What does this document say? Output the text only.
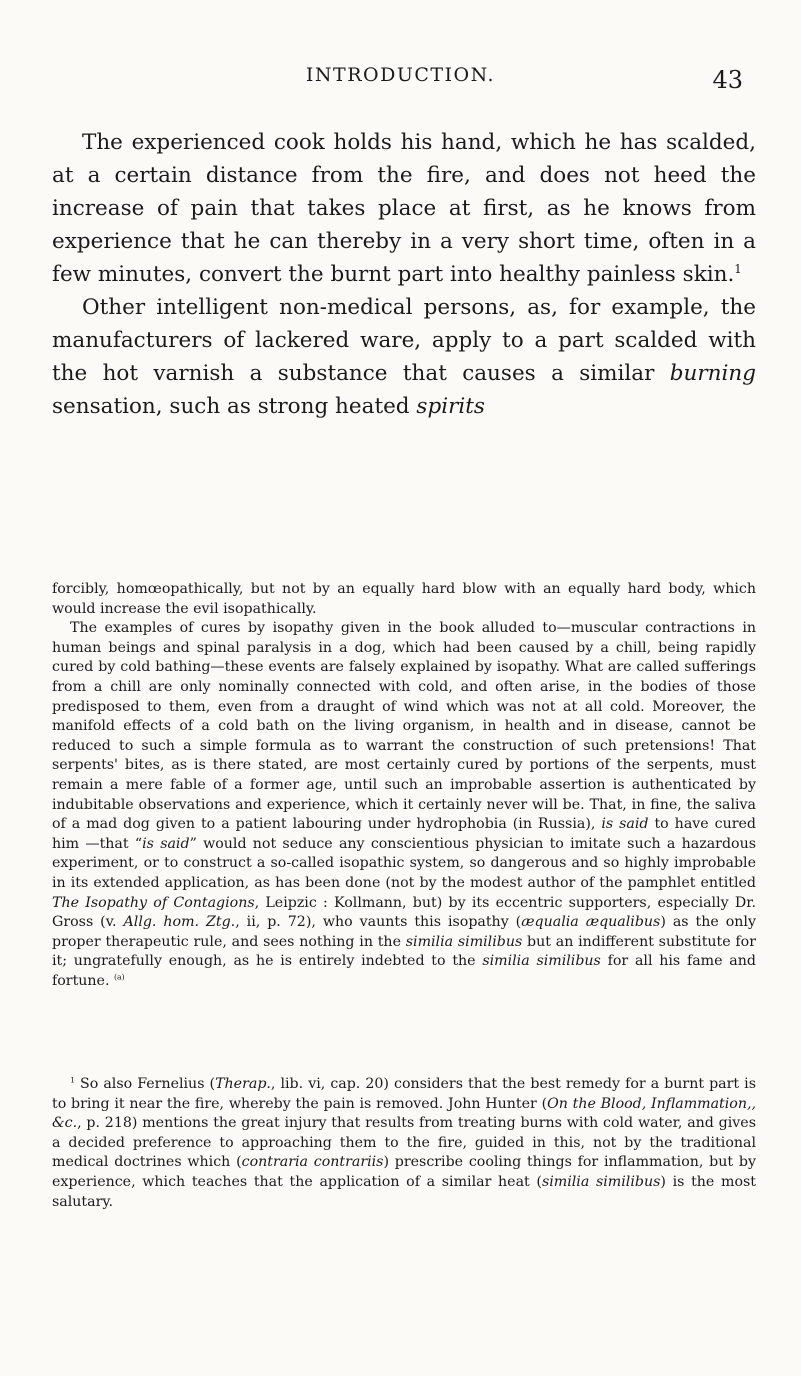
INTRODUCTION.	43

The experienced cook holds his hand, which he has scalded, at a certain distance from the fire, and does not heed the increase of pain that takes place at first, as he knows from experience that he can thereby in a very short time, often in a few minutes, convert the burnt part into healthy painless skin.$^1$

Other intelligent non-medical persons, as, for example, the manufacturers of lackered ware, apply to a part scalded with the hot varnish a substance that causes a similar burning sensation, such as strong heated spirits

forcibly, homœopathically, but not by an equally hard blow with an equally hard body, which would increase the evil isopathically.

The examples of cures by isopathy given in the book alluded to—muscular contractions in human beings and spinal paralysis in a dog, which had been caused by a chill, being rapidly cured by cold bathing—these events are falsely explained by isopathy. What are called sufferings from a chill are only nominally connected with cold, and often arise, in the bodies of those predisposed to them, even from a draught of wind which was not at all cold. Moreover, the manifold effects of a cold bath on the living organism, in health and in disease, cannot be reduced to such a simple formula as to warrant the construction of such pretensions! That serpents' bites, as is there stated, are most certainly cured by portions of the serpents, must remain a mere fable of a former age, until such an improbable assertion is authenticated by indubitable observations and experience, which it certainly never will be. That, in fine, the saliva of a mad dog given to a patient labouring under hydrophobia (in Russia), is said to have cured him —that “is said” would not seduce any conscientious physician to imitate such a hazardous experiment, or to construct a so-called isopathic system, so dangerous and so highly improbable in its extended application, as has been done (not by the modest author of the pamphlet entitled The Isopathy of Contagions, Leipzic : Kollmann, but) by its eccentric supporters, especially Dr. Gross (v. Allg. hom. Ztg., ii, p. 72), who vaunts this isopathy (æqualia æqualibus) as the only proper therapeutic rule, and sees nothing in the similia similibus but an indifferent substitute for it; ungratefully enough, as he is entirely indebted to the similia similibus for all his fame and fortune. $^{(a)}$

$^1$ So also Fernelius (Therap., lib. vi, cap. 20) considers that the best remedy for a burnt part is to bring it near the fire, whereby the pain is removed. John Hunter (On the Blood, Inflammation,, &c., p. 218) mentions the great injury that results from treating burns with cold water, and gives a decided preference to approaching them to the fire, guided in this, not by the traditional medical doctrines which (contraria contrariis) prescribe cooling things for inflammation, but by experience, which teaches that the application of a similar heat (similia similibus) is the most salutary.
